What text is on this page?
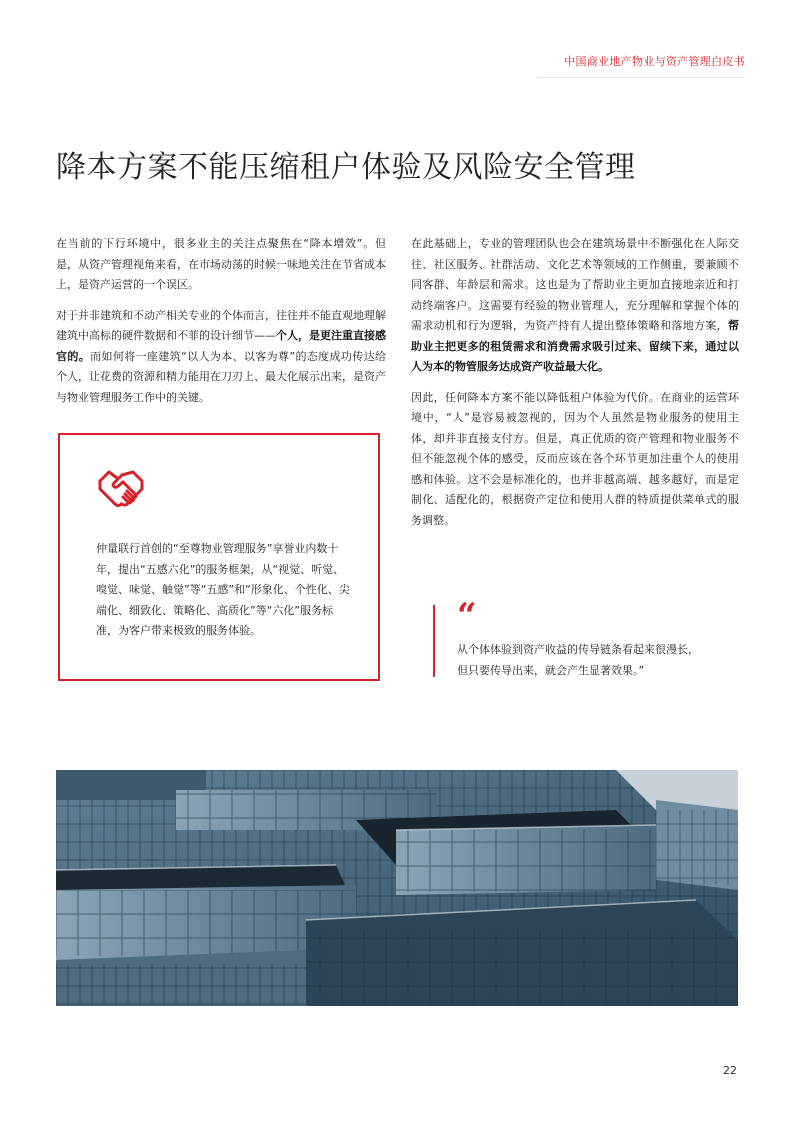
中国商业地产物业与资产管理白皮书
降本方案不能压缩租户体验及风险安全管理

在当前的下行环境中，很多业主的关注点聚焦在“降本增效”。但是，从资产管理视角来看，在市场动荡的时候一味地关注在节省成本上，是资产运营的一个误区。

对于并非建筑和不动产相关专业的个体而言，往往并不能直观地理解建筑中高标的硬件数据和不菲的设计细节——个人，是更注重直接感官的。而如何将一座建筑“以人为本、以客为尊”的态度成功传达给个人，让花费的资源和精力能用在刀刃上、最大化展示出来，是资产与物业管理服务工作中的关键。

仲量联行首创的“至尊物业管理服务”享誉业内数十年，提出“五感六化”的服务框架，从“视觉、听觉、嗅觉、味觉、触觉”等“五感”和“形象化、个性化、尖端化、细致化、策略化、高质化”等“六化”服务标准，为客户带来极致的服务体验。

在此基础上，专业的管理团队也会在建筑场景中不断强化在人际交往、社区服务、社群活动、文化艺术等领域的工作侧重，要兼顾不同客群、年龄层和需求。这也是为了帮助业主更加直接地亲近和打动终端客户。这需要有经验的物业管理人，充分理解和掌握个体的需求动机和行为逻辑，为资产持有人提出整体策略和落地方案，帮助业主把更多的租赁需求和消费需求吸引过来、留续下来，通过以人为本的物管服务达成资产收益最大化。

因此，任何降本方案不能以降低租户体验为代价。在商业的运营环境中，“人”是容易被忽视的，因为个人虽然是物业服务的使用主体，却并非直接支付方。但是，真正优质的资产管理和物业服务不但不能忽视个体的感受，反而应该在各个环节更加注重个人的使用感和体验。这不会是标准化的，也并非越高端、越多越好，而是定制化、适配化的，根据资产定位和使用人群的特质提供菜单式的服务调整。

“
从个体体验到资产收益的传导链条看起来很漫长，
但只要传导出来，就会产生显著效果。”
22
